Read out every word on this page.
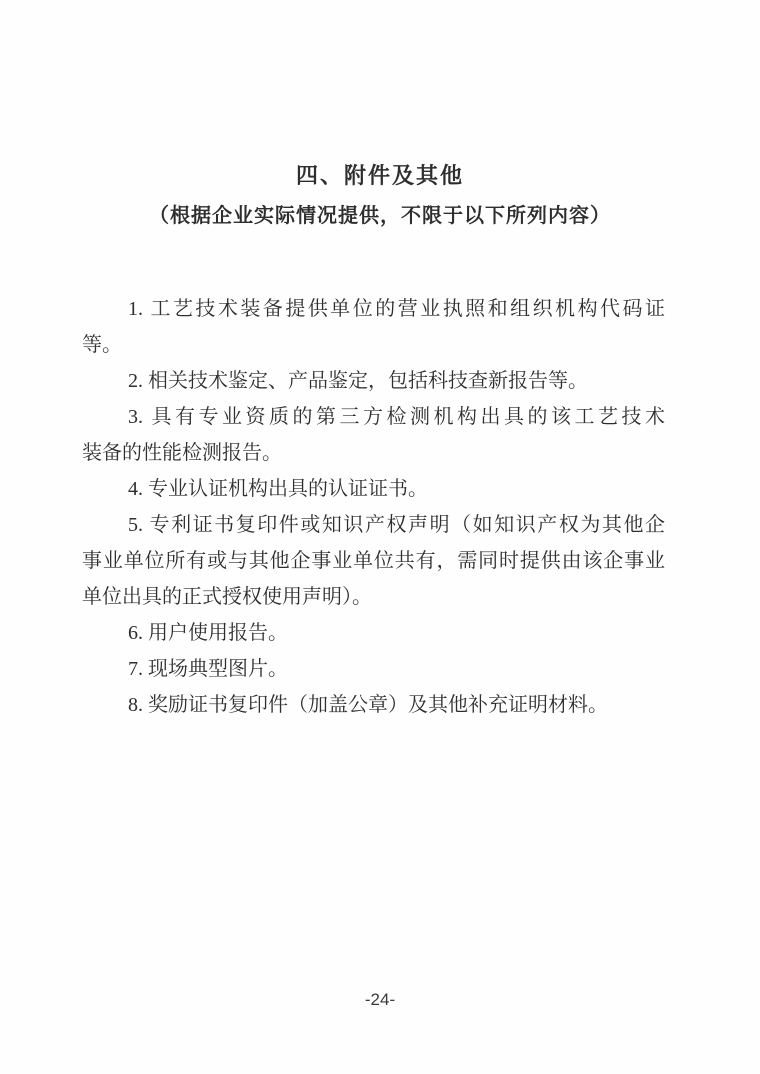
四、附件及其他
（根据企业实际情况提供，不限于以下所列内容）
1. 工艺技术装备提供单位的营业执照和组织机构代码证
等。
2. 相关技术鉴定、产品鉴定，包括科技查新报告等。
3. 具有专业资质的第三方检测机构出具的该工艺技术
装备的性能检测报告。
4. 专业认证机构出具的认证证书。
5. 专利证书复印件或知识产权声明（如知识产权为其他企
事业单位所有或与其他企事业单位共有，需同时提供由该企事业
单位出具的正式授权使用声明）。
6. 用户使用报告。
7. 现场典型图片。
8. 奖励证书复印件（加盖公章）及其他补充证明材料。
-24-
